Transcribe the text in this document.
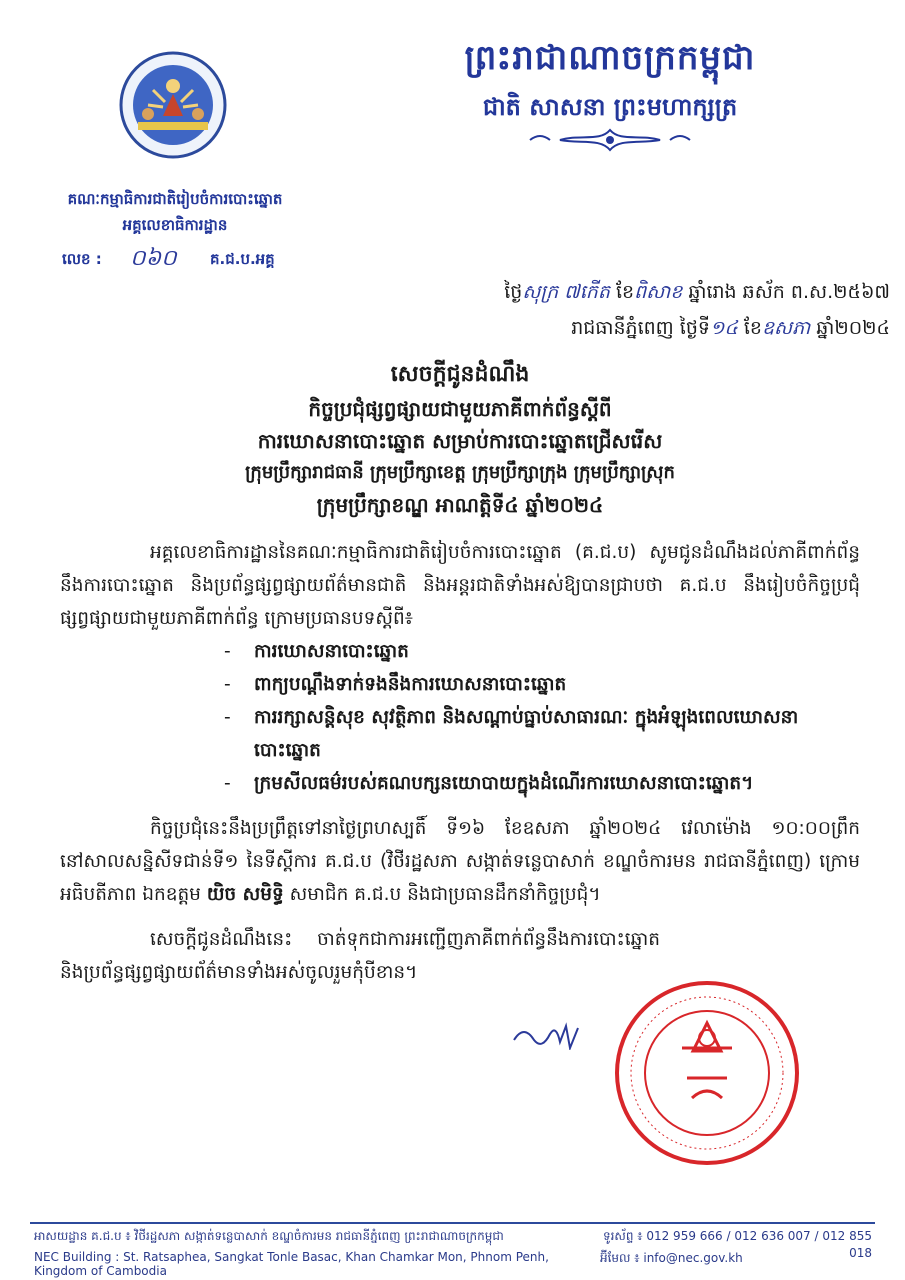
ព្រះរាជាណាចក្រកម្ពុជា
ជាតិ សាសនា ព្រះមហាក្សត្រ
គណៈកម្មាធិការជាតិរៀបចំការបោះឆ្នោត
អគ្គលេខាធិការដ្ឋាន
លេខ : ០៦០ គ.ជ.ប.អគ្គ
ថ្ងៃសុក្រ ៧កើត ខែពិសាខ ឆ្នាំរោង ឆស័ក ព.ស.២៥៦៧
រាជធានីភ្នំពេញ ថ្ងៃទី១៤ ខែឧសភា ឆ្នាំ២០២៤
សេចក្តីជូនដំណឹង
កិច្ចប្រជុំផ្សព្វផ្សាយជាមួយភាគីពាក់ព័ន្ធស្តីពី
ការឃោសនាបោះឆ្នោត សម្រាប់ការបោះឆ្នោតជ្រើសរើស
ក្រុមប្រឹក្សារាជធានី ក្រុមប្រឹក្សាខេត្ត ក្រុមប្រឹក្សាក្រុង ក្រុមប្រឹក្សាស្រុក
ក្រុមប្រឹក្សាខណ្ឌ អាណត្តិទី៤ ឆ្នាំ២០២៤

អគ្គលេខាធិការដ្ឋាននៃគណៈកម្មាធិការជាតិរៀបចំការបោះឆ្នោត (គ.ជ.ប) សូមជូនដំណឹងដល់ភាគីពាក់ព័ន្ធនឹងការបោះឆ្នោត និងប្រព័ន្ធផ្សព្វផ្សាយព័ត៌មានជាតិ និងអន្តរជាតិទាំងអស់ឱ្យបានជ្រាបថា គ.ជ.ប នឹងរៀបចំកិច្ចប្រជុំផ្សព្វផ្សាយជាមួយភាគីពាក់ព័ន្ធ ក្រោមប្រធានបទស្តីពី៖

-	ការឃោសនាបោះឆ្នោត
-	ពាក្យបណ្តឹងទាក់ទងនឹងការឃោសនាបោះឆ្នោត
-	ការរក្សាសន្តិសុខ សុវត្ថិភាព និងសណ្តាប់ធ្នាប់សាធារណៈ ក្នុងអំឡុងពេលឃោសនាបោះឆ្នោត
-	ក្រមសីលធម៌របស់គណបក្សនយោបាយក្នុងដំណើរការឃោសនាបោះឆ្នោត។

កិច្ចប្រជុំនេះនឹងប្រព្រឹត្តទៅនាថ្ងៃព្រហស្បតិ៍ ទី១៦ ខែឧសភា ឆ្នាំ២០២៤ វេលាម៉ោង ១០:០០ព្រឹក នៅសាលសន្និសីទជាន់ទី១ នៃទីស្តីការ គ.ជ.ប (វិថីរដ្ឋសភា សង្កាត់ទន្លេបាសាក់ ខណ្ឌចំការមន រាជធានីភ្នំពេញ) ក្រោមអធិបតីភាព ឯកឧត្តម យិច សមិទ្ធិ សមាជិក គ.ជ.ប និងជាប្រធានដឹកនាំកិច្ចប្រជុំ។

សេចក្តីជូនដំណឹងនេះ ចាត់ទុកជាការអញ្ជើញភាគីពាក់ព័ន្ធនឹងការបោះឆ្នោត និងប្រព័ន្ធផ្សព្វផ្សាយព័ត៌មានទាំងអស់ចូលរួមកុំបីខាន។

អាសយដ្ឋាន គ.ជ.ប ៖ វិថីរដ្ឋសភា សង្កាត់ទន្លេបាសាក់ ខណ្ឌចំការមន រាជធានីភ្នំពេញ ព្រះរាជាណាចក្រកម្ពុជា
NEC Building : St. Ratsaphea, Sangkat Tonle Basac, Khan Chamkar Mon, Phnom Penh, Kingdom of Cambodia
ទូរស័ព្ទ ៖ 012 959 666 / 012 636 007 / 012 855 018
អ៊ីមែល ៖ info@nec.gov.kh
